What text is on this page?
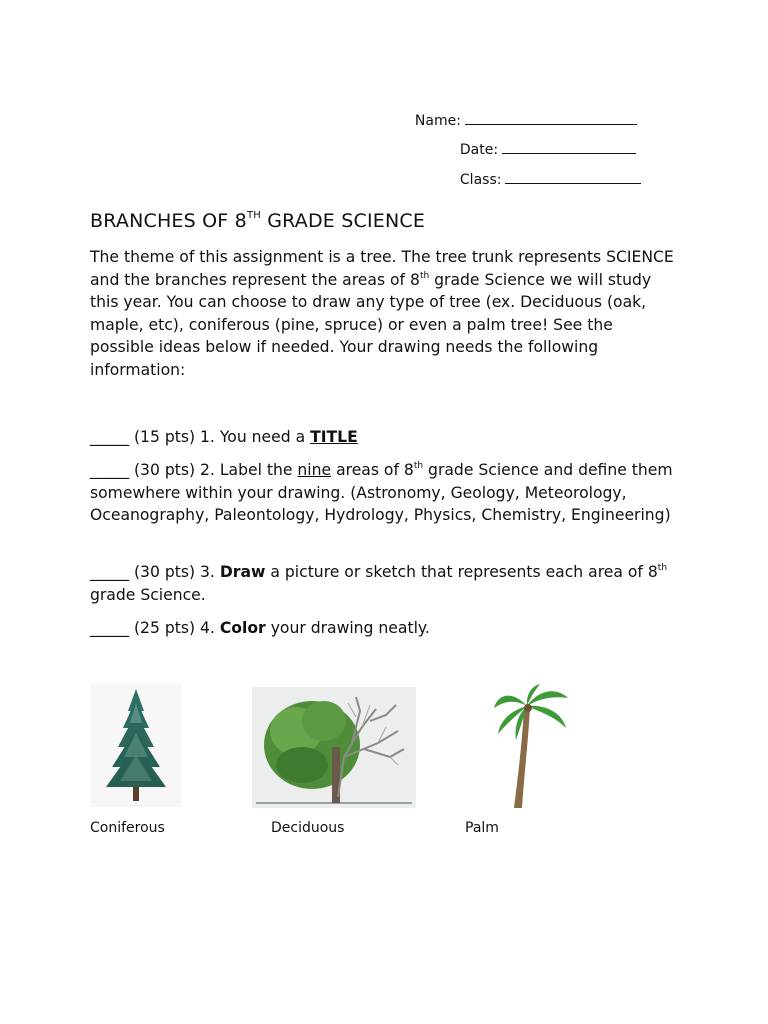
Name:

Date:

Class:

BRANCHES OF 8TH GRADE SCIENCE
The theme of this assignment is a tree. The tree trunk represents SCIENCE and the branches represent the areas of 8th grade Science we will study this year. You can choose to draw any type of tree (ex. Deciduous (oak, maple, etc), coniferous (pine, spruce) or even a palm tree! See the possible ideas below if needed. Your drawing needs the following information:
_____ (15 pts) 1. You need a TITLE
_____ (30 pts) 2. Label the nine areas of 8th grade Science and define them somewhere within your drawing. (Astronomy, Geology, Meteorology, Oceanography, Paleontology, Hydrology, Physics, Chemistry, Engineering)
_____ (30 pts) 3. Draw a picture or sketch that represents each area of 8th grade Science.
_____ (25 pts) 4. Color your drawing neatly.
Coniferous	Deciduous	Palm
